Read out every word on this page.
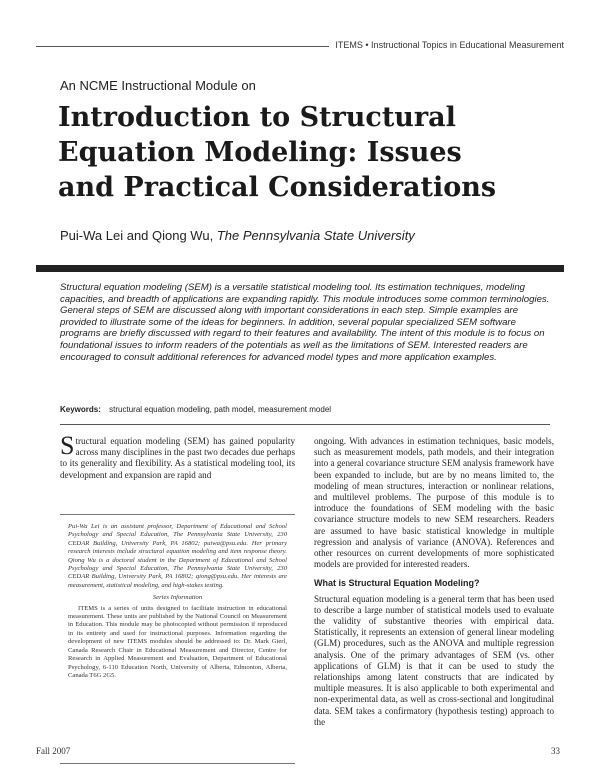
ITEMS • Instructional Topics in Educational Measurement
An NCME Instructional Module on
Introduction to Structural
Equation Modeling: Issues
and Practical Considerations
Pui-Wa Lei and Qiong Wu, The Pennsylvania State University

Structural equation modeling (SEM) is a versatile statistical modeling tool. Its estimation techniques, modeling capacities, and breadth of applications are expanding rapidly. This module introduces some common terminologies. General steps of SEM are discussed along with important considerations in each step. Simple examples are provided to illustrate some of the ideas for beginners. In addition, several popular specialized SEM software programs are briefly discussed with regard to their features and availability. The intent of this module is to focus on foundational issues to inform readers of the potentials as well as the limitations of SEM. Interested readers are encouraged to consult additional references for advanced model types and more application examples.

Keywords: structural equation modeling, path model, measurement model

Structural equation modeling (SEM) has gained popularity across many disciplines in the past two decades due perhaps to its generality and flexibility. As a statistical modeling tool, its development and expansion are rapid and

Pui-Wa Lei is an assistant professor, Department of Educational and School Psychology and Special Education, The Pennsylvania State University, 230 CEDAR Building, University Park, PA 16802; puiwa@psu.edu. Her primary research interests include structural equation modeling and item response theory. Qiong Wu is a doctoral student in the Department of Educational and School Psychology and Special Education, The Pennsylvania State University, 230 CEDAR Building, University Park, PA 16802; qiong@psu.edu. Her interests are measurement, statistical modeling, and high-stakes testing.

Series Information

ITEMS is a series of units designed to facilitate instruction in educational measurement. These units are published by the National Council on Measurement in Education. This module may be photocopied without permission if reproduced in its entirety and used for instructional purposes. Information regarding the development of new ITEMS modules should be addressed to: Dr. Mark Gierl, Canada Research Chair in Educational Measurement and Director, Centre for Research in Applied Measurement and Evaluation, Department of Educational Psychology, 6-110 Education North, University of Alberta, Edmonton, Alberta, Canada T6G 2G5.

ongoing. With advances in estimation techniques, basic models, such as measurement models, path models, and their integration into a general covariance structure SEM analysis framework have been expanded to include, but are by no means limited to, the modeling of mean structures, interaction or nonlinear relations, and multilevel problems. The purpose of this module is to introduce the foundations of SEM modeling with the basic covariance structure models to new SEM researchers. Readers are assumed to have basic statistical knowledge in multiple regression and analysis of variance (ANOVA). References and other resources on current developments of more sophisticated models are provided for interested readers.

What is Structural Equation Modeling?

Structural equation modeling is a general term that has been used to describe a large number of statistical models used to evaluate the validity of substantive theories with empirical data. Statistically, it represents an extension of general linear modeling (GLM) procedures, such as the ANOVA and multiple regression analysis. One of the primary advantages of SEM (vs. other applications of GLM) is that it can be used to study the relationships among latent constructs that are indicated by multiple measures. It is also applicable to both experimental and non-experimental data, as well as cross-sectional and longitudinal data. SEM takes a confirmatory (hypothesis testing) approach to the

Fall 2007	33
